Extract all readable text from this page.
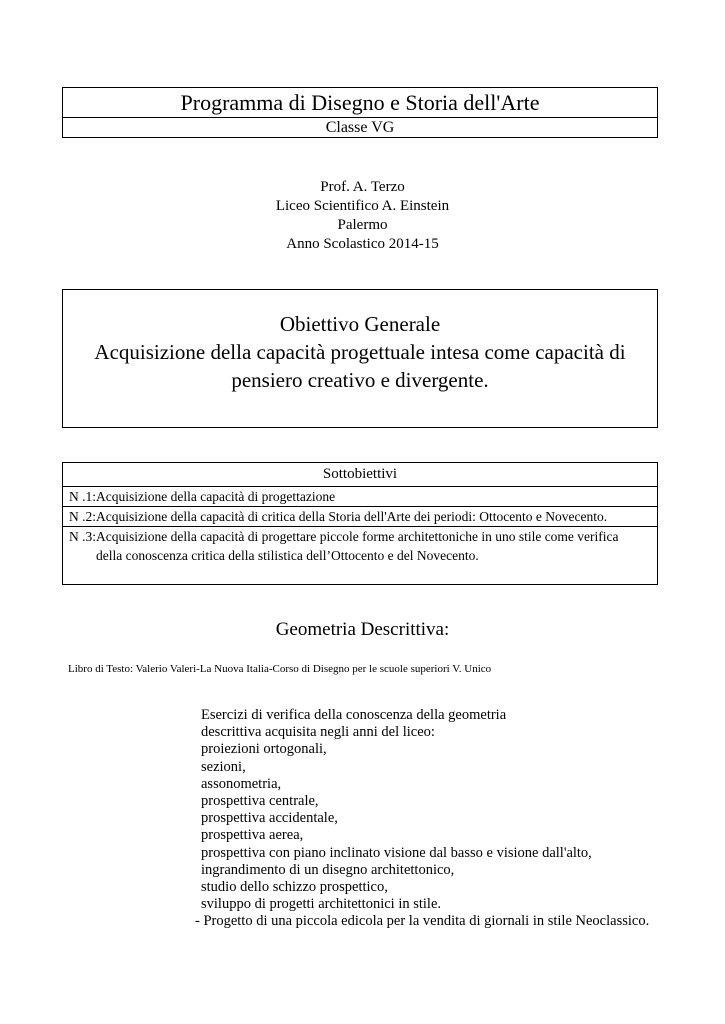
Programma di Disegno e Storia dell'Arte
Classe VG
Prof. A. Terzo
Liceo Scientifico A. Einstein
Palermo
Anno Scolastico 2014-15
Obiettivo Generale
Acquisizione della capacità progettuale intesa come capacità di
pensiero creativo e divergente.
Sottobiettivi
N .1: Acquisizione della capacità di progettazione
N .2: Acquisizione della capacità di critica della Storia dell'Arte dei periodi: Ottocento e Novecento.
N .3: Acquisizione della capacità di progettare piccole forme architettoniche in uno stile come verifica della conoscenza critica della stilistica dell’Ottocento e del Novecento.
Geometria Descrittiva:
Libro di Testo: Valerio Valeri-La Nuova Italia-Corso di Disegno per le scuole superiori V. Unico
Esercizi di verifica della conoscenza della geometria
descrittiva acquisita negli anni del liceo:
proiezioni ortogonali,
sezioni,
assonometria,
prospettiva centrale,
prospettiva accidentale,
prospettiva aerea,
prospettiva con piano inclinato visione dal basso e visione dall'alto,
ingrandimento di un disegno architettonico,
studio dello schizzo prospettico,
sviluppo di progetti architettonici in stile.
- Progetto di una piccola edicola per la vendita di giornali in stile Neoclassico.
